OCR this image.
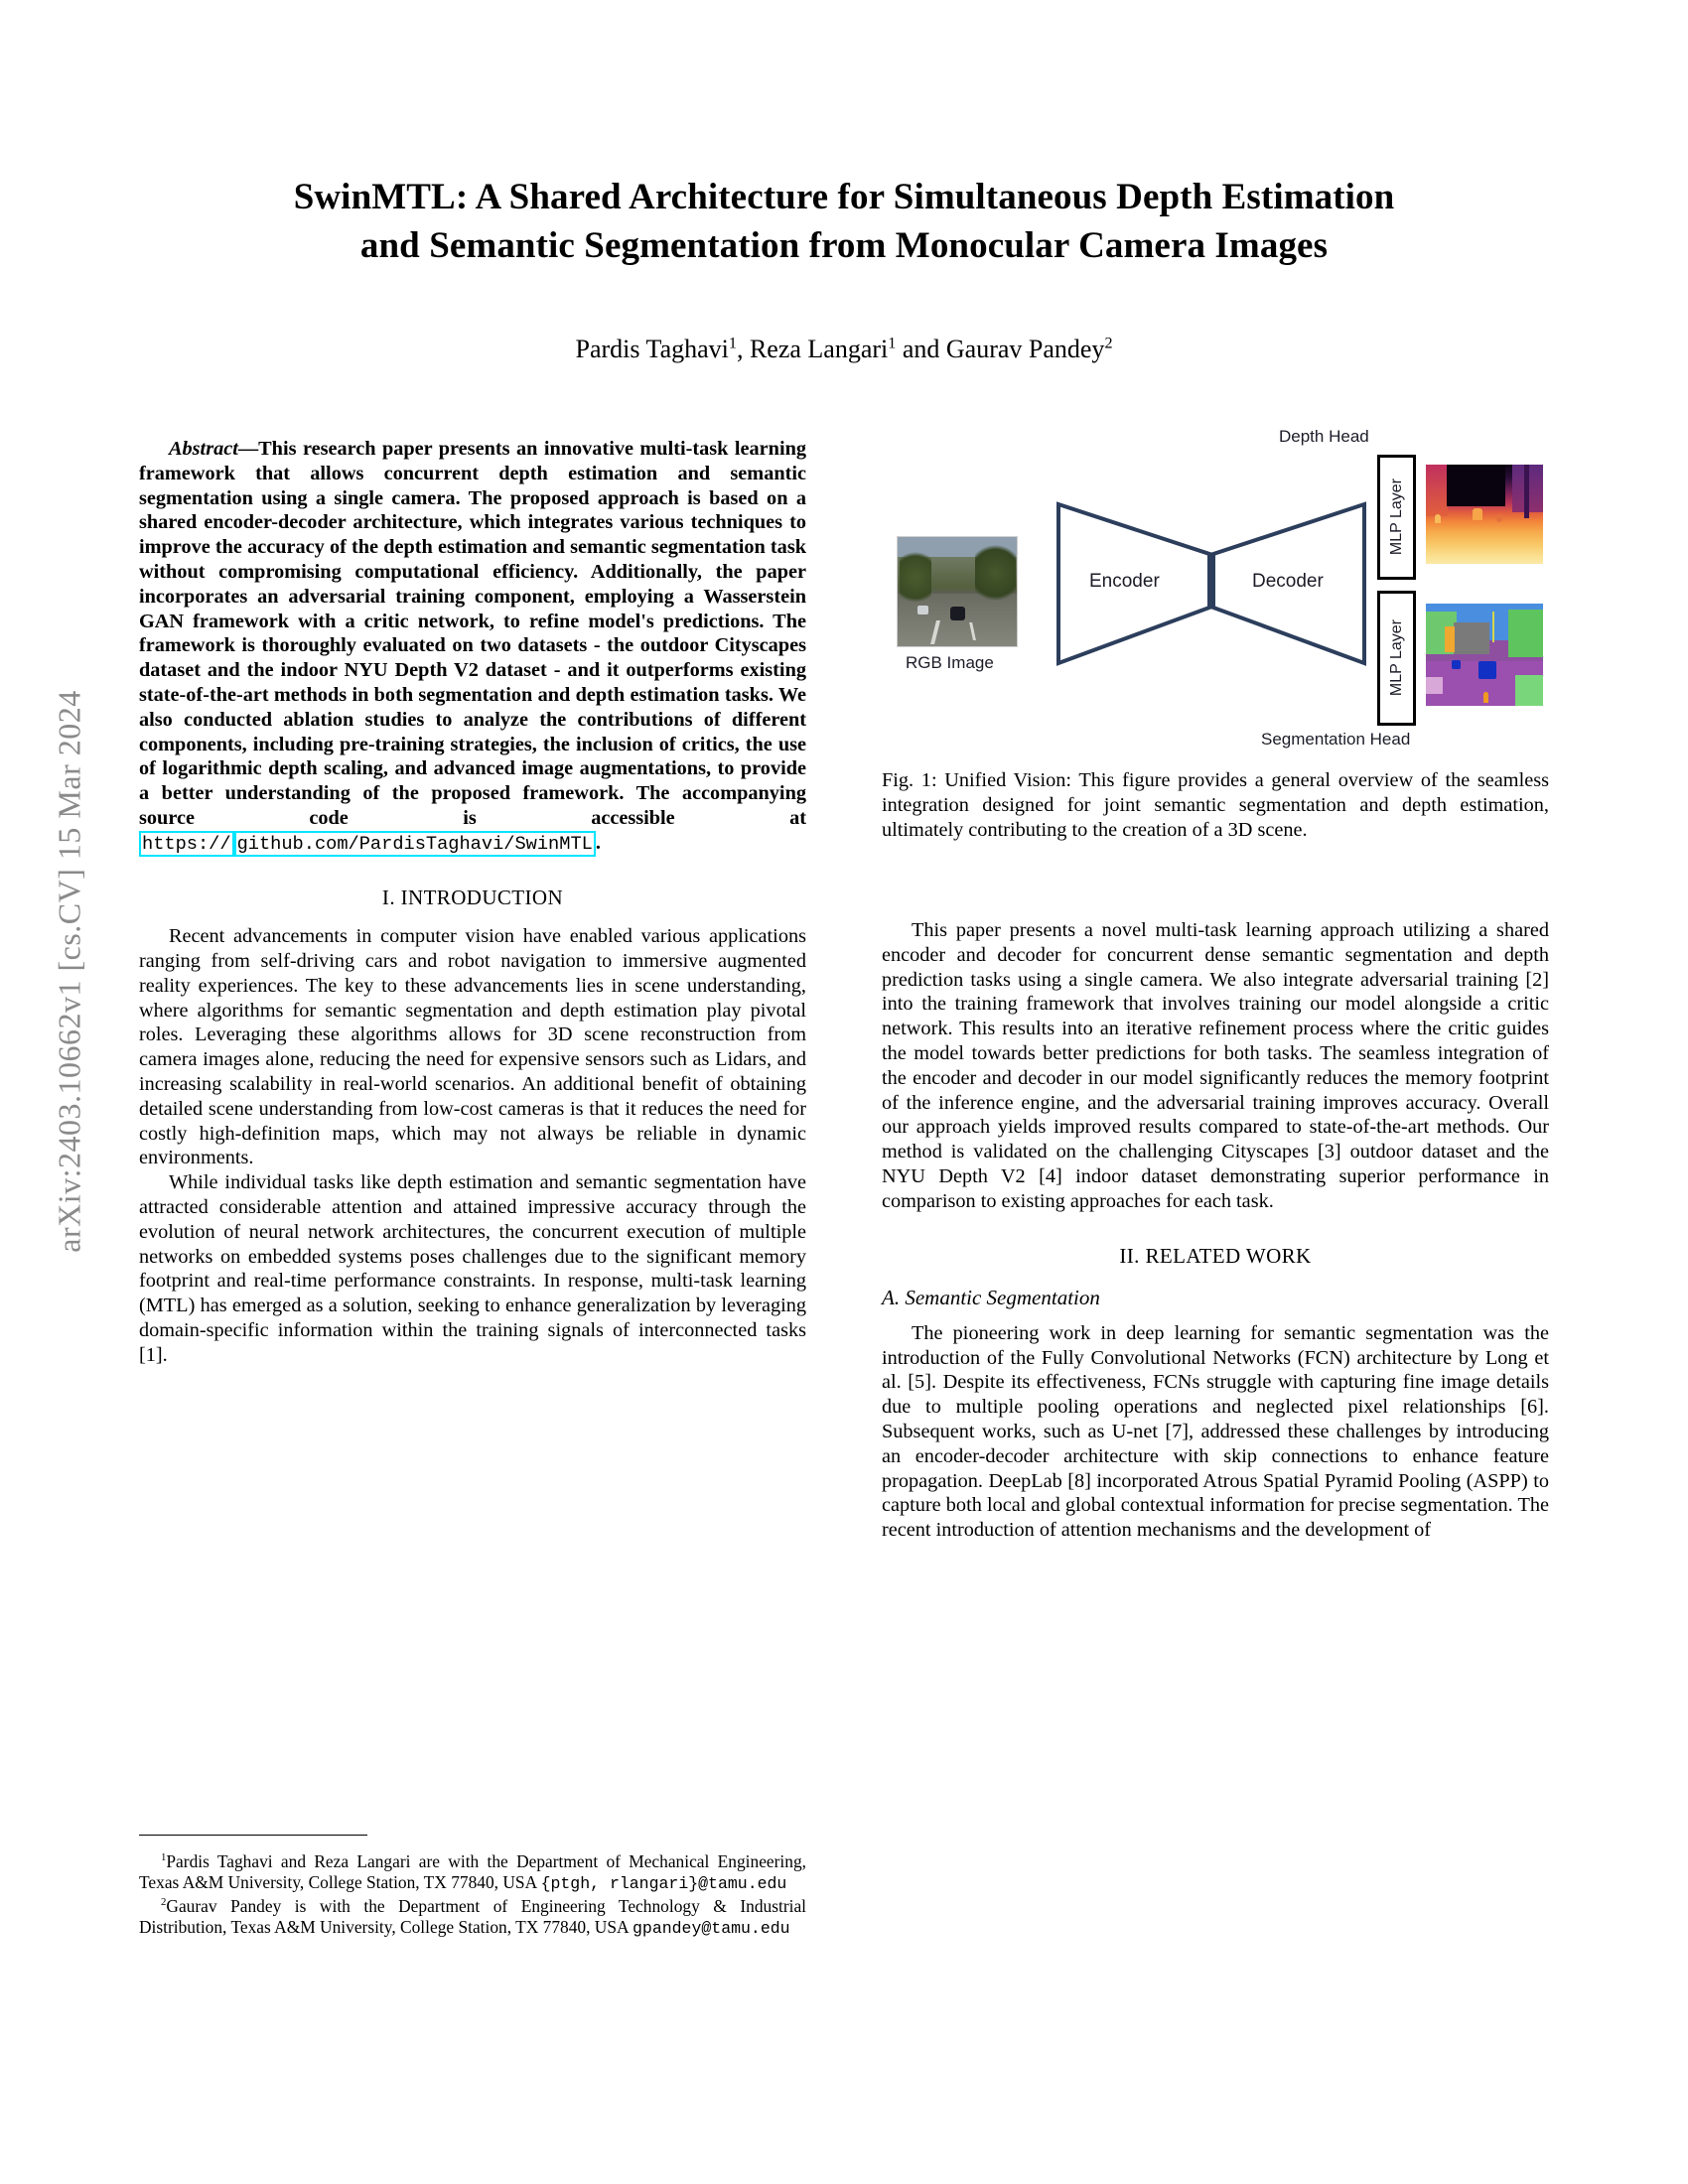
arXiv:2403.10662v1 [cs.CV] 15 Mar 2024
SwinMTL: A Shared Architecture for Simultaneous Depth Estimation
and Semantic Segmentation from Monocular Camera Images
Pardis Taghavi$^1$, Reza Langari$^1$ and Gaurav Pandey$^2$

Abstract—This research paper presents an innovative multi-task learning framework that allows concurrent depth estimation and semantic segmentation using a single camera. The proposed approach is based on a shared encoder-decoder architecture, which integrates various techniques to improve the accuracy of the depth estimation and semantic segmentation task without compromising computational efficiency. Additionally, the paper incorporates an adversarial training component, employing a Wasserstein GAN framework with a critic network, to refine model's predictions. The framework is thoroughly evaluated on two datasets - the outdoor Cityscapes dataset and the indoor NYU Depth V2 dataset - and it outperforms existing state-of-the-art methods in both segmentation and depth estimation tasks. We also conducted ablation studies to analyze the contributions of different components, including pre-training strategies, the inclusion of critics, the use of logarithmic depth scaling, and advanced image augmentations, to provide a better understanding of the proposed framework. The accompanying source code is accessible at https:// github.com/PardisTaghavi/SwinMTL .

I. INTRODUCTION

Recent advancements in computer vision have enabled various applications ranging from self-driving cars and robot navigation to immersive augmented reality experiences. The key to these advancements lies in scene understanding, where algorithms for semantic segmentation and depth estimation play pivotal roles. Leveraging these algorithms allows for 3D scene reconstruction from camera images alone, reducing the need for expensive sensors such as Lidars, and increasing scalability in real-world scenarios. An additional benefit of obtaining detailed scene understanding from low-cost cameras is that it reduces the need for costly high-definition maps, which may not always be reliable in dynamic environments.

While individual tasks like depth estimation and semantic segmentation have attracted considerable attention and attained impressive accuracy through the evolution of neural network architectures, the concurrent execution of multiple networks on embedded systems poses challenges due to the significant memory footprint and real-time performance constraints. In response, multi-task learning (MTL) has emerged as a solution, seeking to enhance generalization by leveraging domain-specific information within the training signals of interconnected tasks [1].

$^1$Pardis Taghavi and Reza Langari are with the Department of Mechanical Engineering, Texas A&M University, College Station, TX 77840, USA {ptgh, rlangari}@tamu.edu

$^2$Gaurav Pandey is with the Department of Engineering Technology & Industrial Distribution, Texas A&M University, College Station, TX 77840, USA gpandey@tamu.edu

Depth Head
Segmentation Head
RGB Image
Encoder	Decoder
MLP Layer
MLP Layer

Fig. 1: Unified Vision: This figure provides a general overview of the seamless integration designed for joint semantic segmentation and depth estimation, ultimately contributing to the creation of a 3D scene.

This paper presents a novel multi-task learning approach utilizing a shared encoder and decoder for concurrent dense semantic segmentation and depth prediction tasks using a single camera. We also integrate adversarial training [2] into the training framework that involves training our model alongside a critic network. This results into an iterative refinement process where the critic guides the model towards better predictions for both tasks. The seamless integration of the encoder and decoder in our model significantly reduces the memory footprint of the inference engine, and the adversarial training improves accuracy. Overall our approach yields improved results compared to state-of-the-art methods. Our method is validated on the challenging Cityscapes [3] outdoor dataset and the NYU Depth V2 [4] indoor dataset demonstrating superior performance in comparison to existing approaches for each task.

II. RELATED WORK
A. Semantic Segmentation

The pioneering work in deep learning for semantic segmentation was the introduction of the Fully Convolutional Networks (FCN) architecture by Long et al. [5]. Despite its effectiveness, FCNs struggle with capturing fine image details due to multiple pooling operations and neglected pixel relationships [6]. Subsequent works, such as U-net [7], addressed these challenges by introducing an encoder-decoder architecture with skip connections to enhance feature propagation. DeepLab [8] incorporated Atrous Spatial Pyramid Pooling (ASPP) to capture both local and global contextual information for precise segmentation. The recent introduction of attention mechanisms and the development of
